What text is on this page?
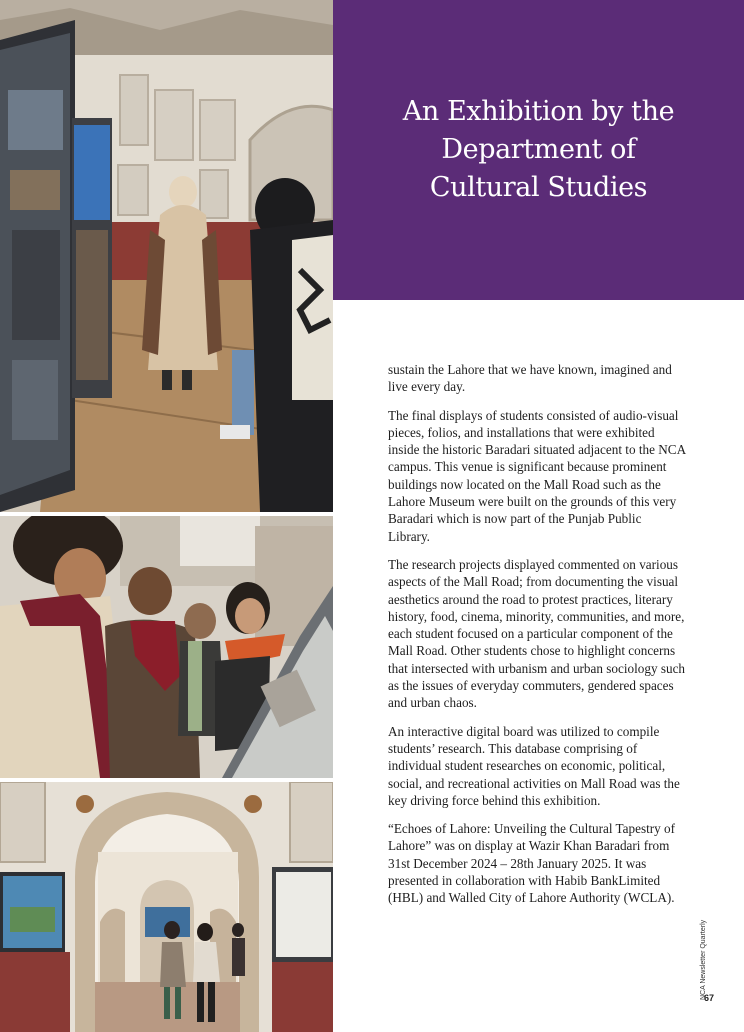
An Exhibition by the Department of Cultural Studies

sustain the Lahore that we have known, imagined and live every day.

The final displays of students consisted of audio-visual pieces, folios, and installations that were exhibited inside the historic Baradari situated adjacent to the NCA campus. This venue is significant because prominent buildings now located on the Mall Road such as the Lahore Museum were built on the grounds of this very Baradari which is now part of the Punjab Public Library.

The research projects displayed commented on various aspects of the Mall Road; from documenting the visual aesthetics around the road to protest practices, literary history, food, cinema, minority, communities, and more, each student focused on a particular component of the Mall Road. Other students chose to highlight concerns that intersected with urbanism and urban sociology such as the issues of everyday commuters, gendered spaces and urban chaos.

An interactive digital board was utilized to compile students’ research. This database comprising of individual student researches on economic, political, social, and recreational activities on Mall Road was the key driving force behind this exhibition.

“Echoes of Lahore: Unveiling the Cultural Tapestry of Lahore” was on display at Wazir Khan Baradari from 31st December 2024 – 28th January 2025. It was presented in collaboration with Habib BankLimited (HBL) and Walled City of Lahore Authority (WCLA).

NCA Newsletter Quarterly
67
